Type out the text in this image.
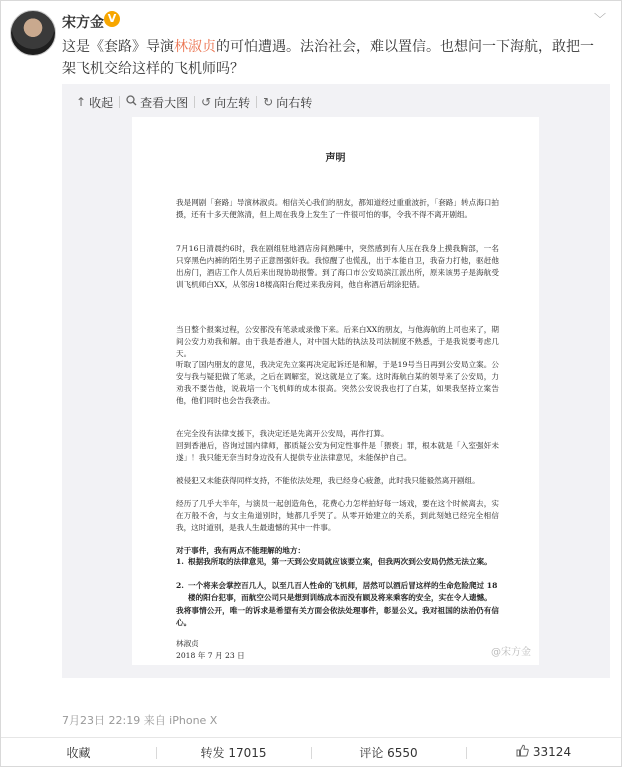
宋方金 V	﹀
这是《套路》导演林淑贞的可怕遭遇。法治社会，难以置信。也想问一下海航，敢把一架飞机交给这样的飞机师吗？
↑ 收起 查看大图 ↺ 向左转 ↻ 向右转
声明

我是网剧「套路」导演林淑贞。相信关心我们的朋友，都知道经过重重波折，「套路」转点海口拍摄，还有十多天便煞清，但上周在我身上发生了一件很可怕的事，令我不得不离开剧组。

7月16日清晨约6时，我在剧组驻地酒店房间熟睡中，突然感到有人压在我身上摸我胸部，一名只穿黑色内裤的陌生男子正意图强奸我。我惊醒了也慌乱，出于本能自卫，我奋力打他，驱赶他出房门，酒店工作人员后来出现协助报警。到了海口市公安局滨江派出所，原来该男子是海航受训飞机师白XX，从邻房18楼高阳台爬过来我房间，他自称酒后胡涂犯错。

当日整个报案过程，公安都没有笔录或录像下来。后来白XX的朋友，与他海航的上司也来了，期间公安力劝我和解。由于我是香港人，对中国大陆的执法及司法制度不熟悉，于是我说要考虑几天。

听取了国内朋友的意见，我决定先立案再决定起诉还是和解，于是19号当日再到公安局立案。公安与我与疑犯做了笔录，之后在调解室，说这就是立了案。这时海航白某的领导来了公安局，力劝我不要告他，说栽培一个飞机师的成本很高。突然公安说我也打了白某，如果我坚持立案告他，他们同时也会告我袭击。

在完全没有法律支援下，我决定还是先离开公安局，再作打算。

回到香港后，咨询过国内律师，都质疑公安为何定性事件是「猥亵」罪，根本就是「入室强奸未遂」！我只能无奈当时身边没有人提供专业法律意见，未能保护自己。

被侵犯又未能获得同样支持，不能依法处理，我已经身心疲惫，此时我只能毅然离开剧组。

经历了几乎大半年，与演员一起创造角色，花费心力怎样拍好每一场戏，要在这个时候离去，实在万般不舍，与女主角道别时，她都几乎哭了。从零开始建立的关系，到此刻她已经完全相信我，这时道别，是我人生最遗憾的其中一件事。

对于事件，我有两点不能理解的地方：

1. 根据我所取的法律意见，第一天到公安局就应该要立案，但我两次到公安局仍然无法立案。
2. 一个将来会掌控百几人，以至几百人性命的飞机师，居然可以酒后冒这样的生命危险爬过 18 楼的阳台犯事，而航空公司只是想到训练成本而没有顾及将来乘客的安全，实在令人遗憾。

我将事情公开，唯一的诉求是希望有关方面会依法处理事件，彰显公义。我对祖国的法治仍有信心。

林淑贞

2018 年 7 月 23 日	@宋方金
7月23日 22:19 来自 iPhone X
收藏	转发 17015	评论 6550	33124
